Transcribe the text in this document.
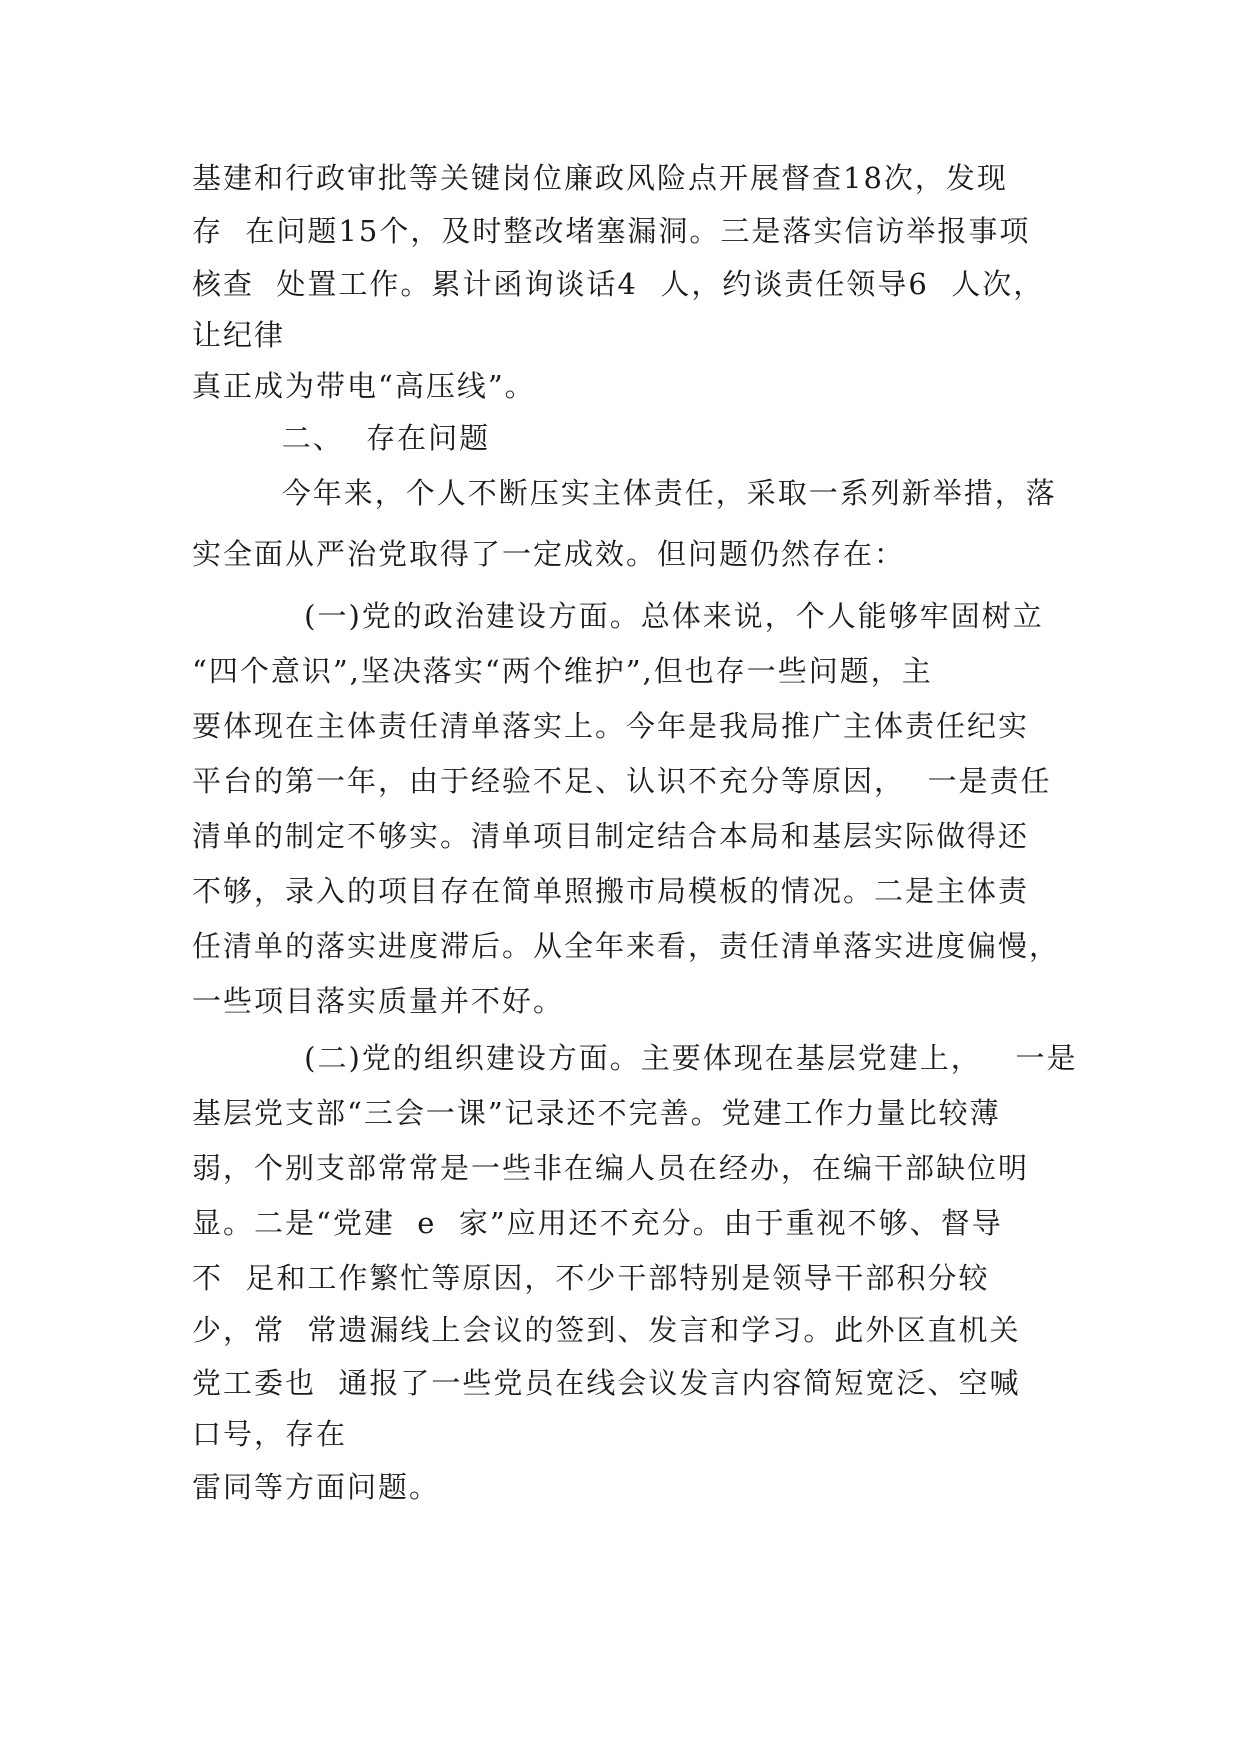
基建和行政审批等关键岗位廉政风险点开展督查18次，发现

存  在问题15个，及时整改堵塞漏洞。三是落实信访举报事项

核查  处置工作。累计函询谈话4  人，约谈责任领导6  人次，

让纪律

真正成为带电“高压线”。

二、  存在问题

今年来，个人不断压实主体责任，采取一系列新举措，落

实全面从严治党取得了一定成效。但问题仍然存在：

(一)党的政治建设方面。总体来说，个人能够牢固树立

“四个意识”,坚决落实“两个维护”,但也存一些问题，主

要体现在主体责任清单落实上。今年是我局推广主体责任纪实

平台的第一年，由于经验不足、认识不充分等原因，  一是责任

清单的制定不够实。清单项目制定结合本局和基层实际做得还

不够，录入的项目存在简单照搬市局模板的情况。二是主体责

任清单的落实进度滞后。从全年来看，责任清单落实进度偏慢，

一些项目落实质量并不好。

(二)党的组织建设方面。主要体现在基层党建上，   一是

基层党支部“三会一课”记录还不完善。党建工作力量比较薄

弱，个别支部常常是一些非在编人员在经办，在编干部缺位明

显。二是“党建  e  家”应用还不充分。由于重视不够、督导

不  足和工作繁忙等原因，不少干部特别是领导干部积分较

少，常  常遗漏线上会议的签到、发言和学习。此外区直机关

党工委也  通报了一些党员在线会议发言内容简短宽泛、空喊

口号，存在

雷同等方面问题。
